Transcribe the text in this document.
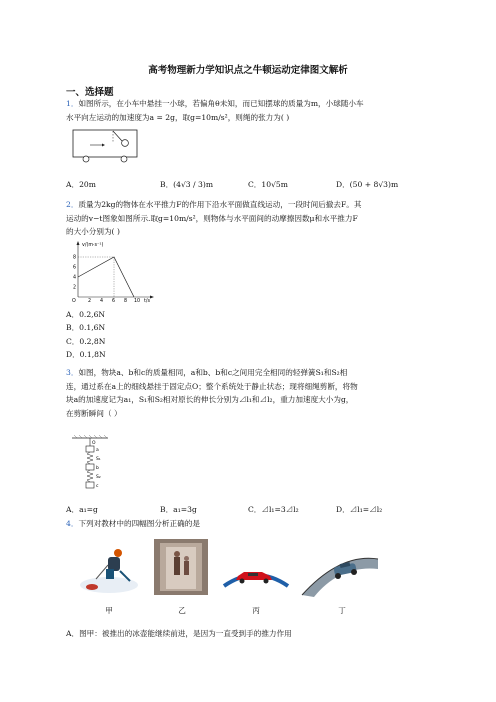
高考物理新力学知识点之牛顿运动定律图文解析
一、选择题
1．如图所示，在小车中悬挂一小球，若偏角θ未知，而已知摆球的质量为m，小球随小车
水平向左运动的加速度为a = 2g，取g=10m/s²，则绳的张力为( )
A．20m	B．(4√3 / 3)m	C．10√5m	D．(50 + 8√3)m
2．质量为2kg的物体在水平推力F的作用下沿水平面做直线运动，一段时间后撤去F。其
运动的v−t图象如图所示.取g=10m/s²，则物体与水平面间的动摩擦因数μ和水平推力F
的大小分别为( )
v/(m·s⁻¹)
8
6
4
2
O	2 4 6 8 10 t/s
A．0.2,6N
B．0.1,6N
C．0.2,8N
D．0.1,8N
3．如图，物块a、b和c的质量相同，a和b、b和c之间用完全相同的轻弹簧S₁和S₂相
连，通过系在a上的细线悬挂于固定点O；整个系统处于静止状态；现将细绳剪断，将物
块a的加速度记为a₁，S₁和S₂相对原长的伸长分别为⊿l₁和⊿l₂，重力加速度大小为g，
在剪断瞬间（ ）
O
a
S₁
b
S₂
c
A．a₁=g	B．a₁=3g	C．⊿l₁=3⊿l₂	D．⊿l₁=⊿l₂
4．下列对教材中的四幅图分析正确的是
甲	乙	丙	丁
A．图甲：被推出的冰壶能继续前进，是因为一直受到手的推力作用
